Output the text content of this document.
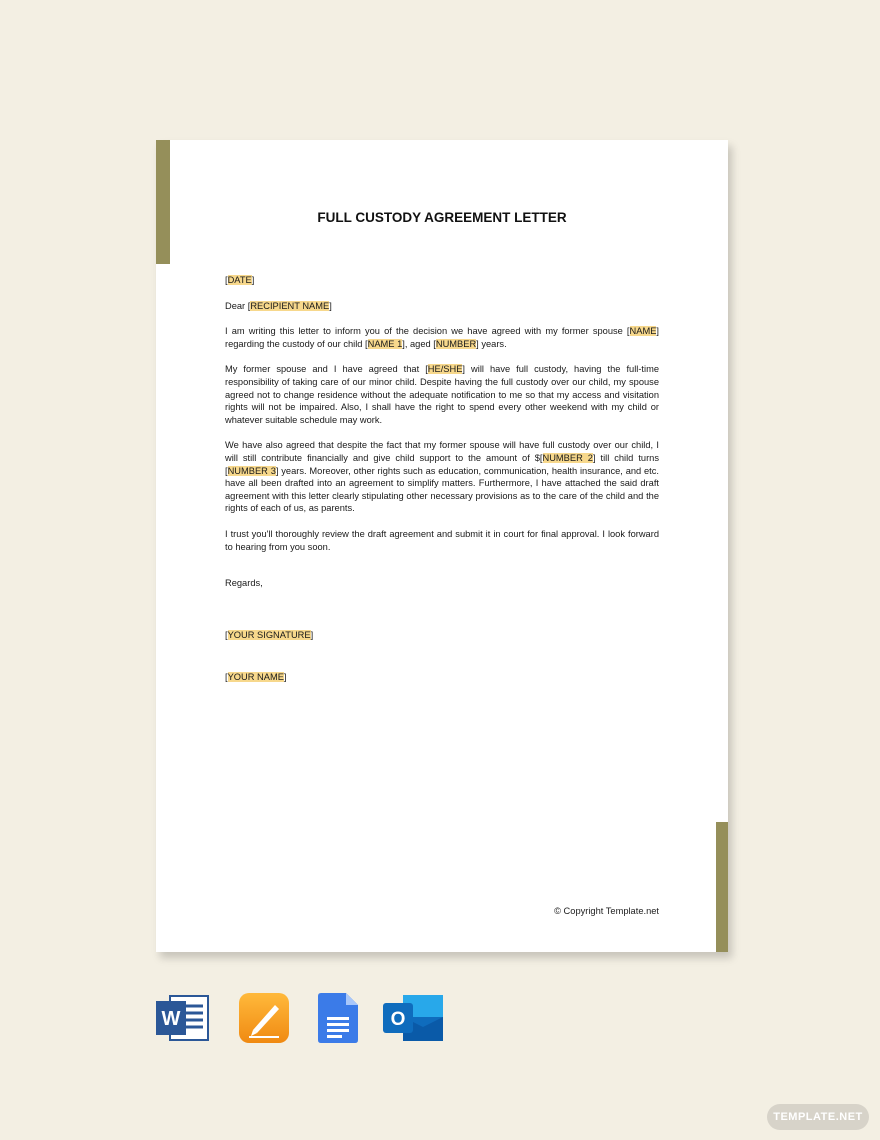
FULL CUSTODY AGREEMENT LETTER

[DATE]

Dear [RECIPIENT NAME]

I am writing this letter to inform you of the decision we have agreed with my former spouse [NAME] regarding the custody of our child [NAME 1], aged [NUMBER] years.

My former spouse and I have agreed that [HE/SHE] will have full custody, having the full-time responsibility of taking care of our minor child. Despite having the full custody over our child, my spouse agreed not to change residence without the adequate notification to me so that my access and visitation rights will not be impaired. Also, I shall have the right to spend every other weekend with my child or whatever suitable schedule may work.

We have also agreed that despite the fact that my former spouse will have full custody over our child, I will still contribute financially and give child support to the amount of $[NUMBER 2] till child turns [NUMBER 3] years. Moreover, other rights such as education, communication, health insurance, and etc. have all been drafted into an agreement to simplify matters. Furthermore, I have attached the said draft agreement with this letter clearly stipulating other necessary provisions as to the care of the child and the rights of each of us, as parents.

I trust you'll thoroughly review the draft agreement and submit it in court for final approval. I look forward to hearing from you soon.

Regards,

[YOUR SIGNATURE]

[YOUR NAME]

© Copyright Template.net
W	O
TEMPLATE.NET
